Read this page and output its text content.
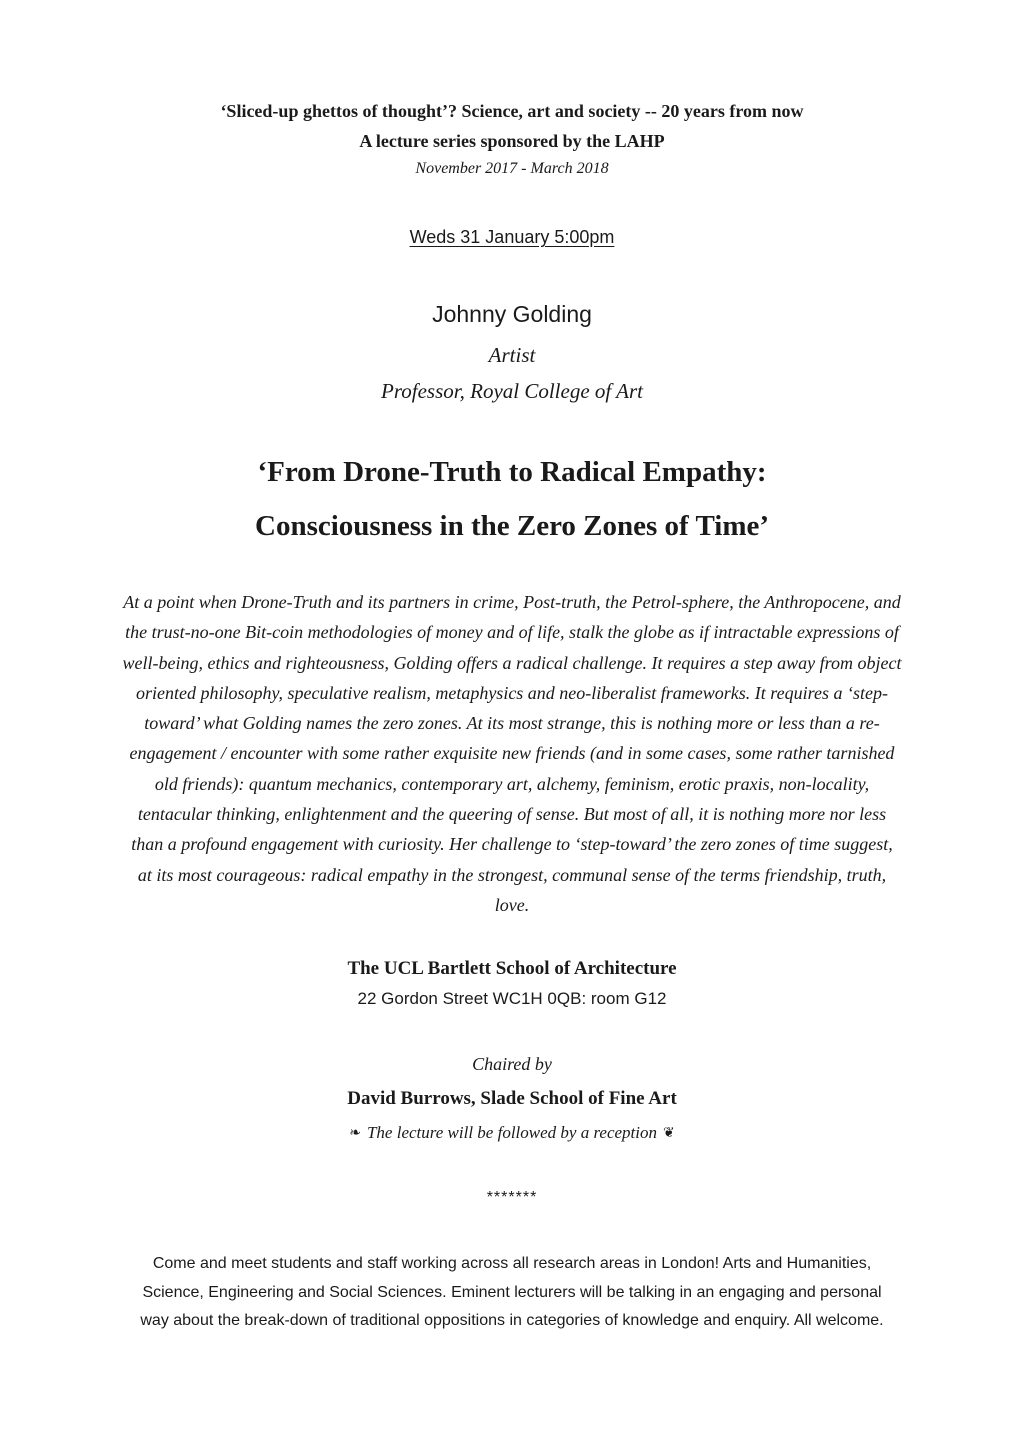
‘Sliced-up ghettos of thought’? Science, art and society -- 20 years from now
A lecture series sponsored by the LAHP
November 2017 - March 2018
Weds 31 January 5:00pm
Johnny Golding
Artist
Professor, Royal College of Art
‘From Drone-Truth to Radical Empathy:
Consciousness in the Zero Zones of Time’

At a point when Drone-Truth and its partners in crime, Post-truth, the Petrol-sphere, the Anthropocene, and
the trust-no-one Bit-coin methodologies of money and of life, stalk the globe as if intractable expressions of
well-being, ethics and righteousness, Golding offers a radical challenge. It requires a step away from object
oriented philosophy, speculative realism, metaphysics and neo-liberalist frameworks. It requires a ‘step-
toward’ what Golding names the zero zones. At its most strange, this is nothing more or less than a re-
engagement / encounter with some rather exquisite new friends (and in some cases, some rather tarnished
old friends): quantum mechanics, contemporary art, alchemy, feminism, erotic praxis, non-locality,
tentacular thinking, enlightenment and the queering of sense. But most of all, it is nothing more nor less
than a profound engagement with curiosity. Her challenge to ‘step-toward’ the zero zones of time suggest,
at its most courageous: radical empathy in the strongest, communal sense of the terms friendship, truth,
love.

The UCL Bartlett School of Architecture
22 Gordon Street WC1H 0QB: room G12
Chaired by
David Burrows, Slade School of Fine Art
❧ The lecture will be followed by a reception ❦
*******

Come and meet students and staff working across all research areas in London! Arts and Humanities,
Science, Engineering and Social Sciences. Eminent lecturers will be talking in an engaging and personal
way about the break-down of traditional oppositions in categories of knowledge and enquiry. All welcome.
